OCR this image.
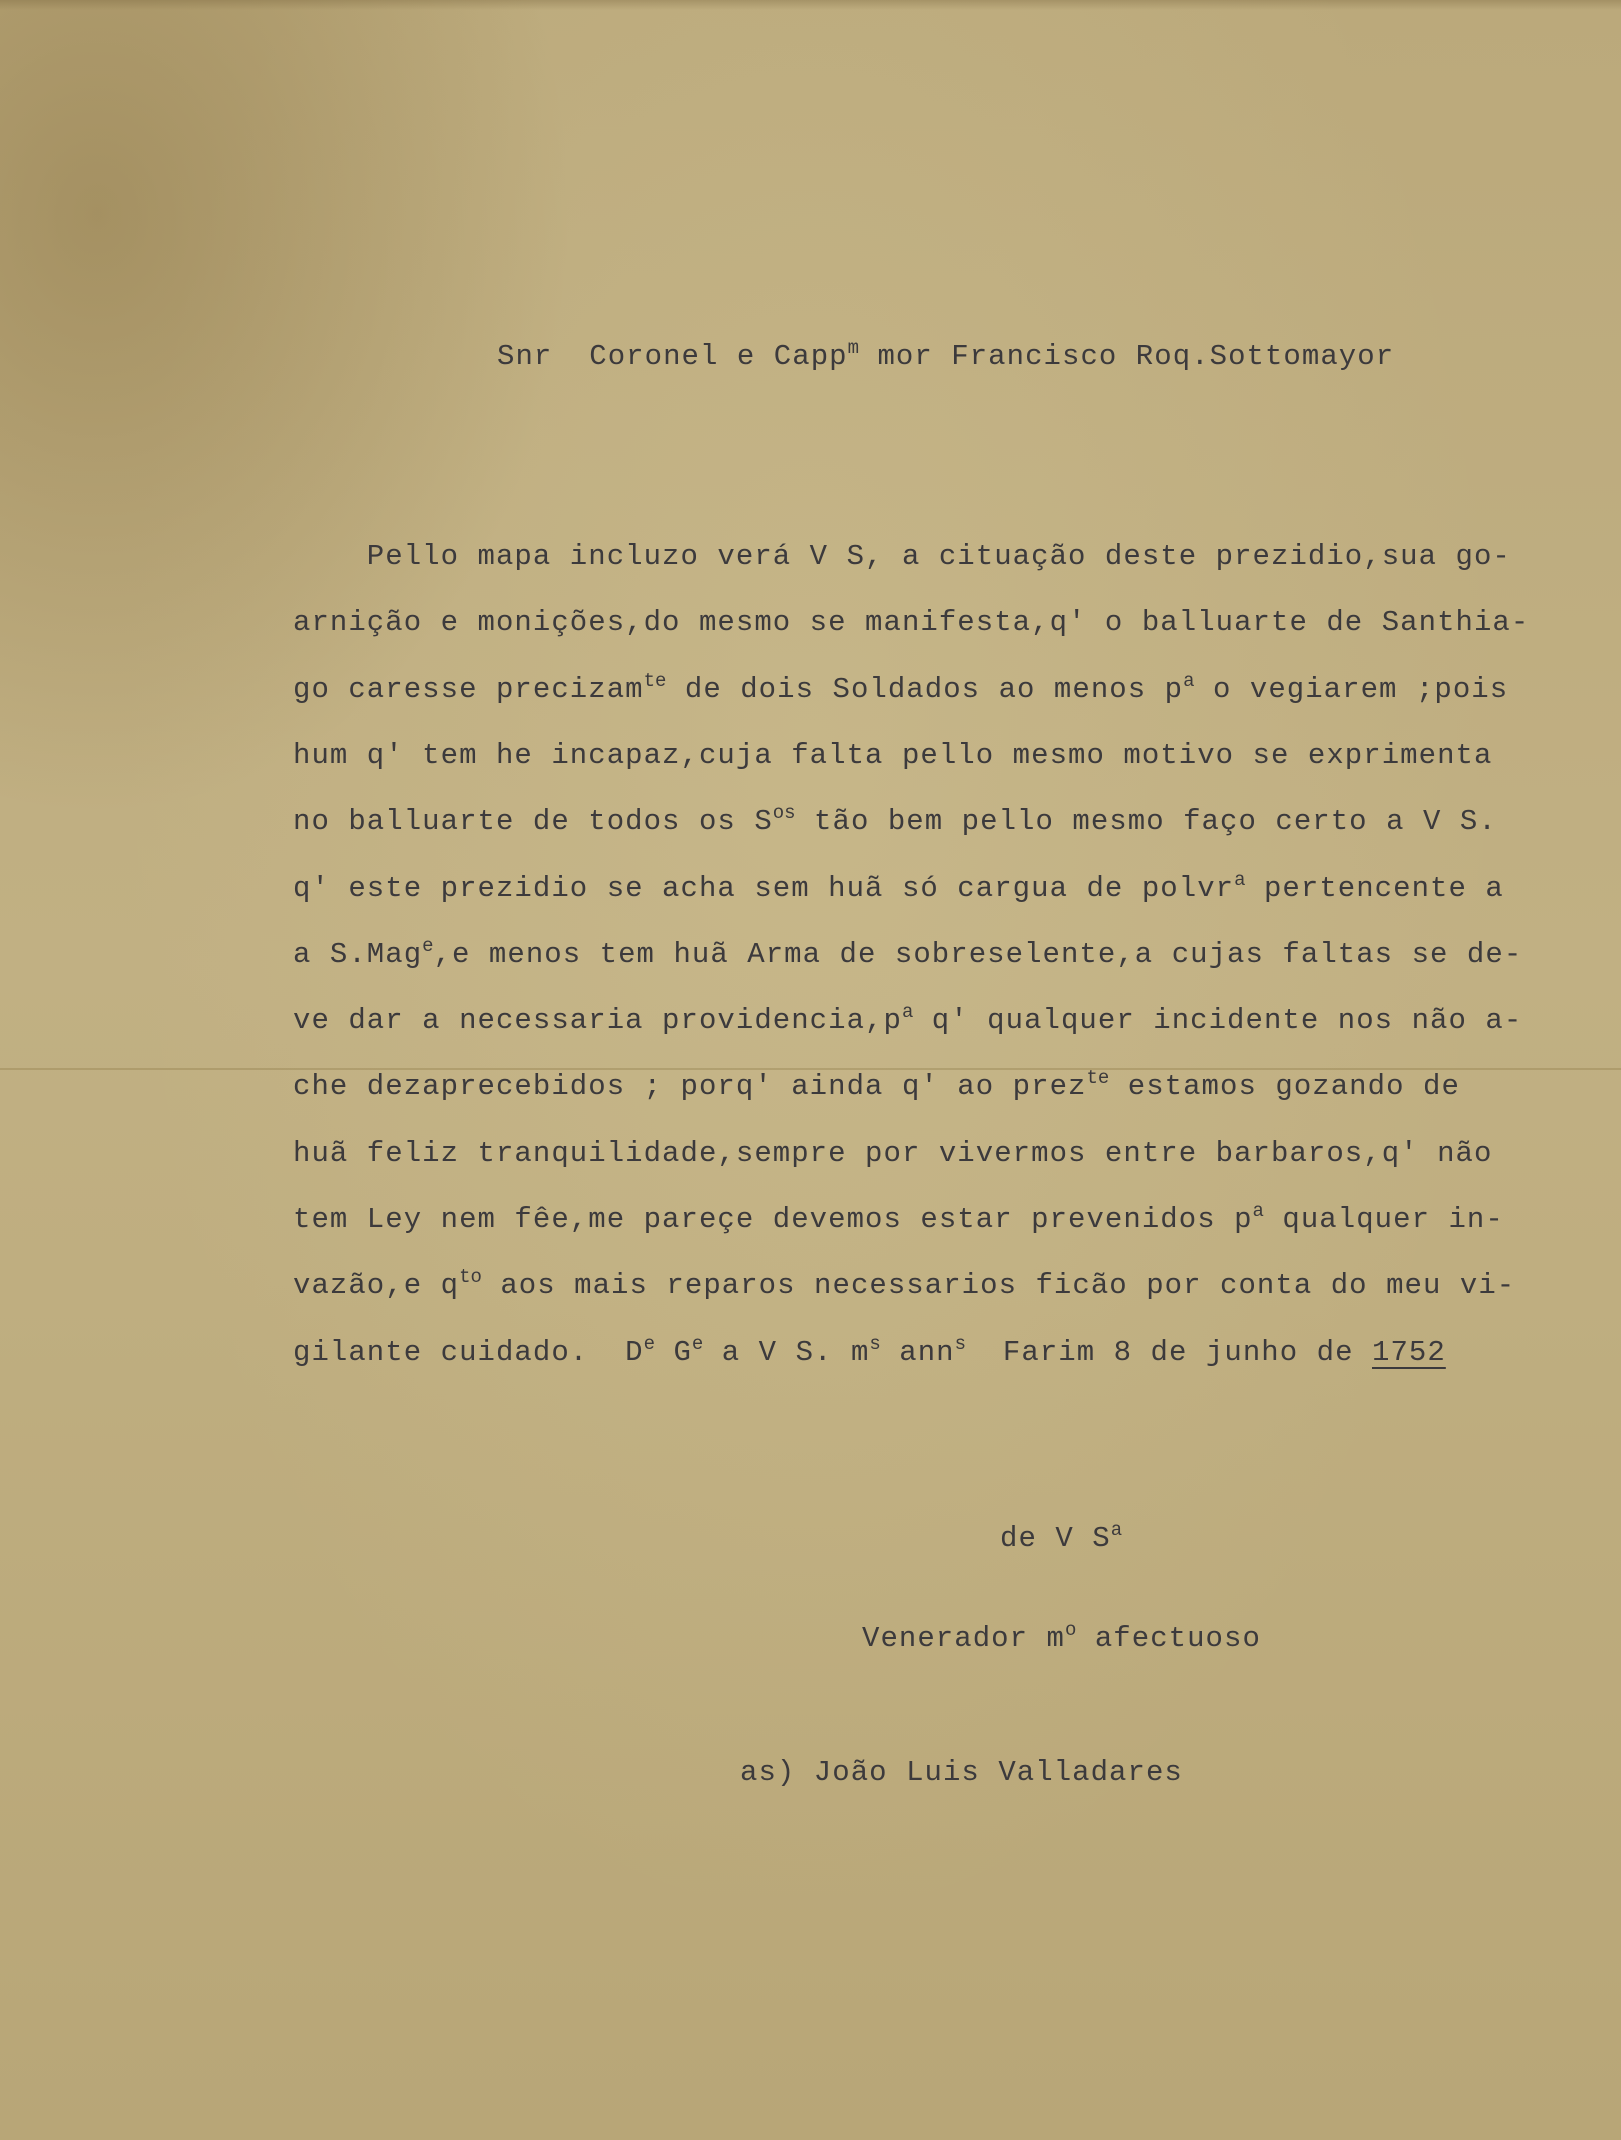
Snr  Coronel e Capp$^m$ mor Francisco Roq.Sottomayor

Pello mapa incluzo verá V S, a cituação deste prezidio,sua go-

arnição e monições,do mesmo se manifesta,q' o balluarte de Santhia-

go caresse precizam$^{te}$ de dois Soldados ao menos $p^a$ o vegiarem ;pois

hum q' tem he incapaz,cuja falta pello mesmo motivo se exprimenta

no balluarte de todos os $S^{os}$ tão bem pello mesmo faço certo a V S.

q' este prezidio se acha sem huã só cargua de polvr$^a$ pertencente a

a S.Mag$^e$,e menos tem huã Arma de sobreselente,a cujas faltas se de-

ve dar a necessaria $providencia,p^a$ q' qualquer incidente nos não a-

che dezaprecebidos ; porq' ainda q' ao prez$^{te}$ estamos gozando de

huã feliz tranquilidade,sempre por vivermos entre barbaros,q' não

tem Ley nem fêe,me pareçe devemos estar prevenidos $p^a$ qualquer in-

vazão,e $q^{to}$ aos mais reparos necessarios ficão por conta do meu vi-

gilante cuidado.  De $G^e$ a V S. $m^s$ ann$^s$  Farim 8 de junho de 1752

de V $S^a$

Venerador $m^o$ afectuoso

as) João Luis Valladares
